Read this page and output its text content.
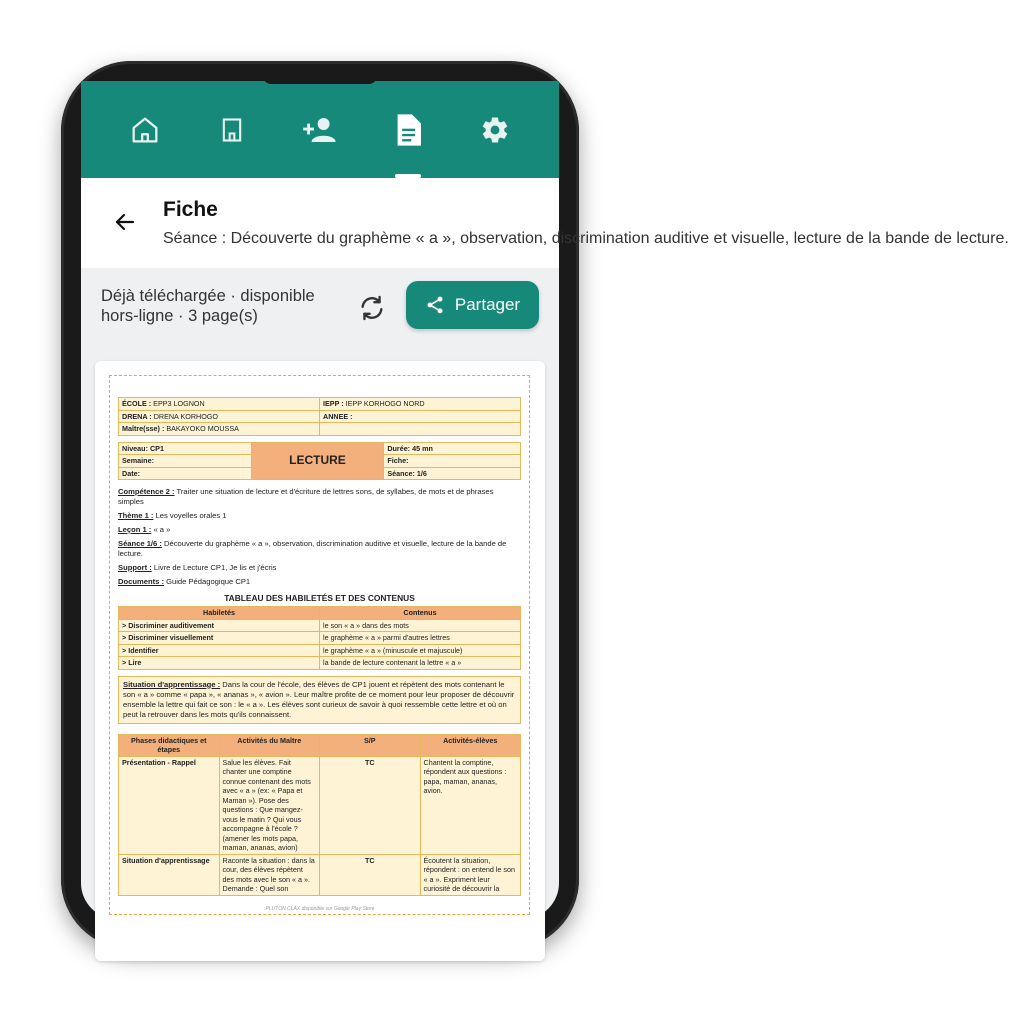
Fiche
Séance : Découverte du graphème « a », observation, discrimination auditive et visuelle, lecture de la bande de lecture.
Déjà téléchargée · disponible hors-ligne · 3 page(s)
Partager
ÉCOLE : EPP3 LOGNON	IEPP : IEPP KORHOGO NORD
DRENA : DRENA KORHOGO	ANNEE :
Maître(sse) : BAKAYOKO MOUSSA	
Niveau: CP1	LECTURE	Durée: 45 mn
Semaine:		Fiche:
Date:		Séance: 1/6
Compétence 2 : Traiter une situation de lecture et d'écriture de lettres sons, de syllabes, de mots et de phrases simples
Thème 1 : Les voyelles orales 1
Leçon 1 : « a »
Séance 1/6 : Découverte du graphème « a », observation, discrimination auditive et visuelle, lecture de la bande de lecture.
Support : Livre de Lecture CP1, Je lis et j'écris
Documents : Guide Pédagogique CP1
TABLEAU DES HABILETÉS ET DES CONTENUS
Habiletés	Contenus
> Discriminer auditivement	le son « a » dans des mots
> Discriminer visuellement	le graphème « a » parmi d'autres lettres
> Identifier	le graphème « a » (minuscule et majuscule)
> Lire	la bande de lecture contenant la lettre « a »
Situation d'apprentissage : Dans la cour de l'école, des élèves de CP1 jouent et répètent des mots contenant le son « a » comme « papa », « ananas », « avion ». Leur maître profite de ce moment pour leur proposer de découvrir ensemble la lettre qui fait ce son : le « a ». Les élèves sont curieux de savoir à quoi ressemble cette lettre et où on peut la retrouver dans les mots qu'ils connaissent.
Phases didactiques et étapes	Activités du Maître	S/P	Activités-élèves
Présentation - Rappel	Salue les élèves. Fait chanter une comptine connue contenant des mots avec « a » (ex: « Papa et Maman »). Pose des questions : Que mangez-vous le matin ? Qui vous accompagne à l'école ? (amener les mots papa, maman, ananas, avion)	TC	Chantent la comptine, répondent aux questions : papa, maman, ananas, avion.
Situation d'apprentissage	Raconte la situation : dans la cour, des élèves répètent des mots avec le son « a ». Demande : Quel son	TC	Écoutent la situation, répondent : on entend le son « a ». Expriment leur curiosité de découvrir la
PLUTON CLAX disponible sur Google Play Store
